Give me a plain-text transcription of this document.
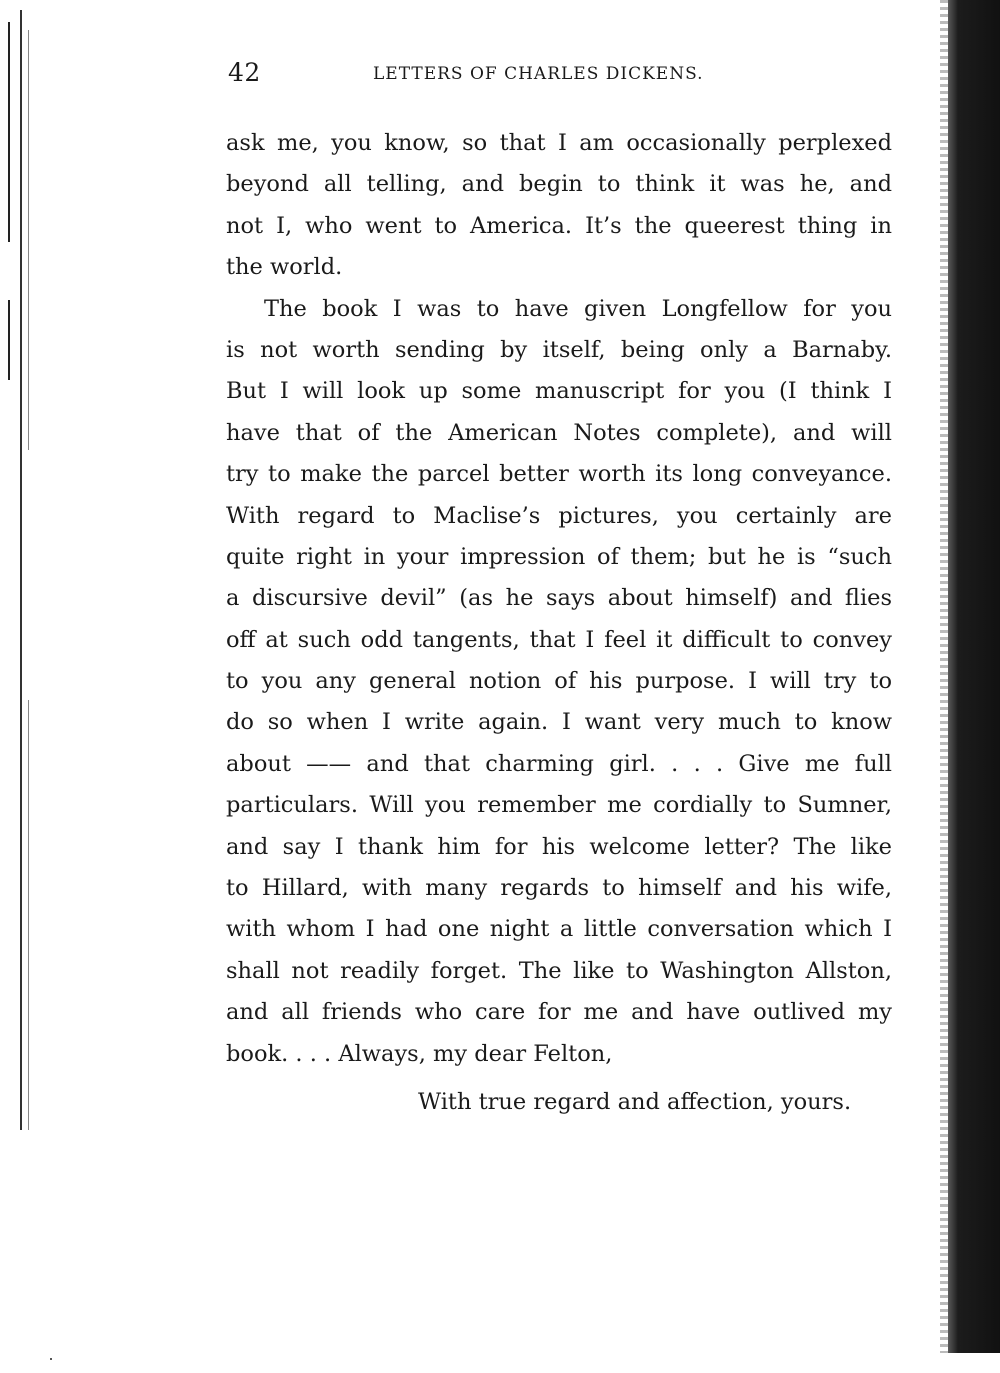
42	LETTERS OF CHARLES DICKENS.
ask me, you know, so that I am occasionally perplexed
beyond all telling, and begin to think it was he, and
not I, who went to America. It’s the queerest thing in
the world.
The book I was to have given Longfellow for you
is not worth sending by itself, being only a Barnaby.
But I will look up some manuscript for you (I think I
have that of the American Notes complete), and will
try to make the parcel better worth its long conveyance.
With regard to Maclise’s pictures, you certainly are
quite right in your impression of them; but he is “such
a discursive devil” (as he says about himself) and flies
off at such odd tangents, that I feel it difficult to convey
to you any general notion of his purpose. I will try to
do so when I write again. I want very much to know
about —— and that charming girl. . . . Give me full
particulars. Will you remember me cordially to Sumner,
and say I thank him for his welcome letter? The like
to Hillard, with many regards to himself and his wife,
with whom I had one night a little conversation which I
shall not readily forget. The like to Washington Allston,
and all friends who care for me and have outlived my
book. . . . Always, my dear Felton,
With true regard and affection, yours.
